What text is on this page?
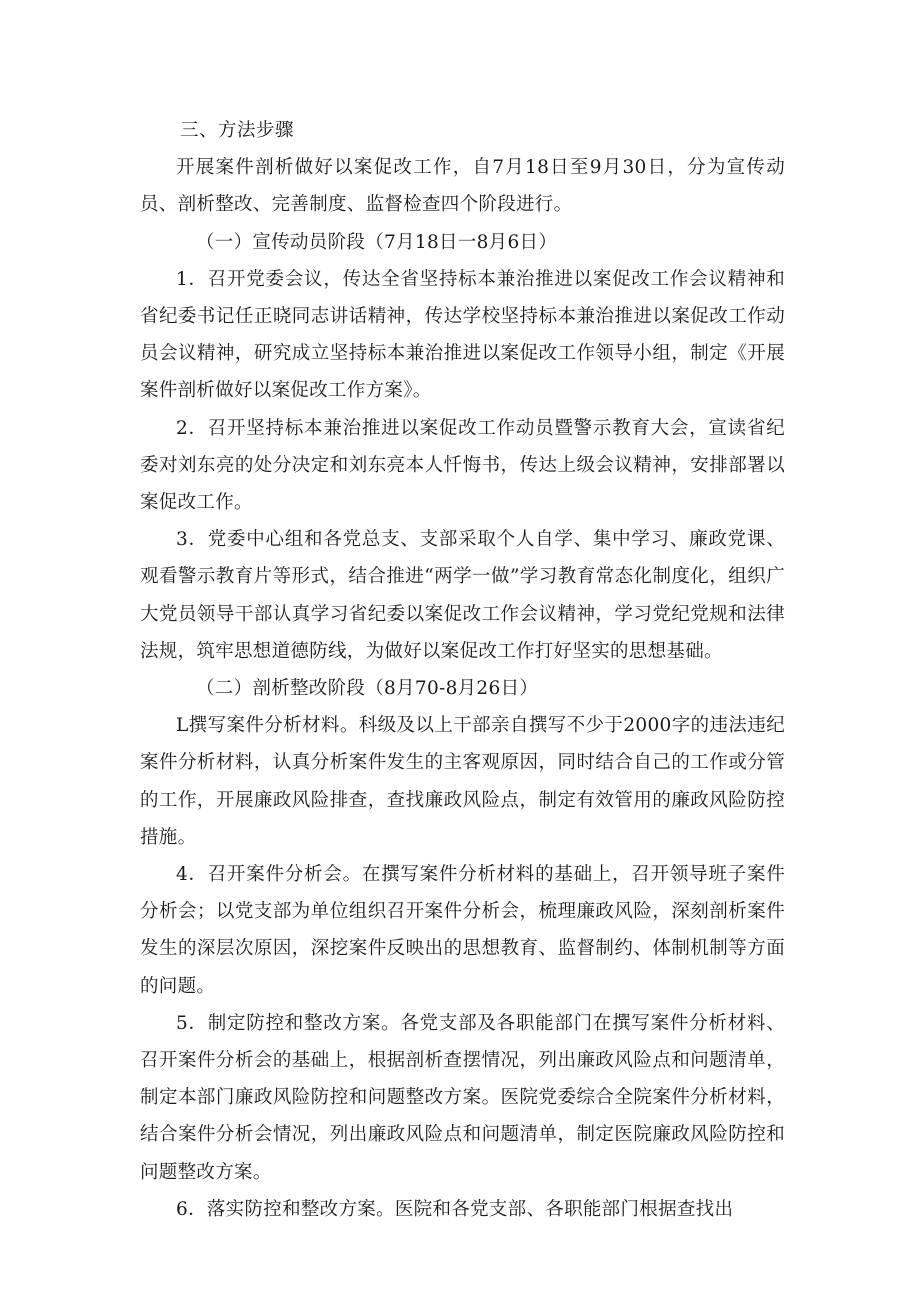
三、方法步骤

开展案件剖析做好以案促改工作，自7月18日至9月30日，分为宣传动员、剖析整改、完善制度、监督检查四个阶段进行。

（一）宣传动员阶段（7月18日一8月6日）

1．召开党委会议，传达全省坚持标本兼治推进以案促改工作会议精神和省纪委书记任正晓同志讲话精神，传达学校坚持标本兼治推进以案促改工作动员会议精神，研究成立坚持标本兼治推进以案促改工作领导小组，制定《开展案件剖析做好以案促改工作方案》。

2．召开坚持标本兼治推进以案促改工作动员暨警示教育大会，宣读省纪委对刘东亮的处分决定和刘东亮本人忏悔书，传达上级会议精神，安排部署以案促改工作。

3．党委中心组和各党总支、支部采取个人自学、集中学习、廉政党课、观看警示教育片等形式，结合推进“两学一做”学习教育常态化制度化，组织广大党员领导干部认真学习省纪委以案促改工作会议精神，学习党纪党规和法律法规，筑牢思想道德防线，为做好以案促改工作打好坚实的思想基础。

（二）剖析整改阶段（8月70-8月26日）

L撰写案件分析材料。科级及以上干部亲自撰写不少于2000字的违法违纪案件分析材料，认真分析案件发生的主客观原因，同时结合自己的工作或分管的工作，开展廉政风险排查，查找廉政风险点，制定有效管用的廉政风险防控措施。

4．召开案件分析会。在撰写案件分析材料的基础上，召开领导班子案件分析会；以党支部为单位组织召开案件分析会，梳理廉政风险，深刻剖析案件发生的深层次原因，深挖案件反映出的思想教育、监督制约、体制机制等方面的问题。

5．制定防控和整改方案。各党支部及各职能部门在撰写案件分析材料、召开案件分析会的基础上，根据剖析查摆情况，列出廉政风险点和问题清单，制定本部门廉政风险防控和问题整改方案。医院党委综合全院案件分析材料，结合案件分析会情况，列出廉政风险点和问题清单，制定医院廉政风险防控和问题整改方案。

6．落实防控和整改方案。医院和各党支部、各职能部门根据查找出
